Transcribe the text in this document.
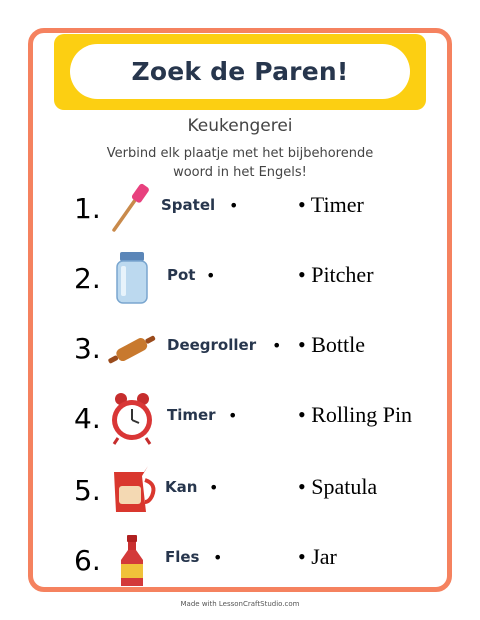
Zoek de Paren!
Keukengerei
Verbind elk plaatje met het bijbehorende
woord in het Engels!
1.	Spatel •	• Timer
2.	Pot •	• Pitcher
3.	Deegroller • • Bottle
4.	Timer •	• Rolling Pin
5.	Kan •	• Spatula
6.	Fles •	• Jar
Made with LessonCraftStudio.com
